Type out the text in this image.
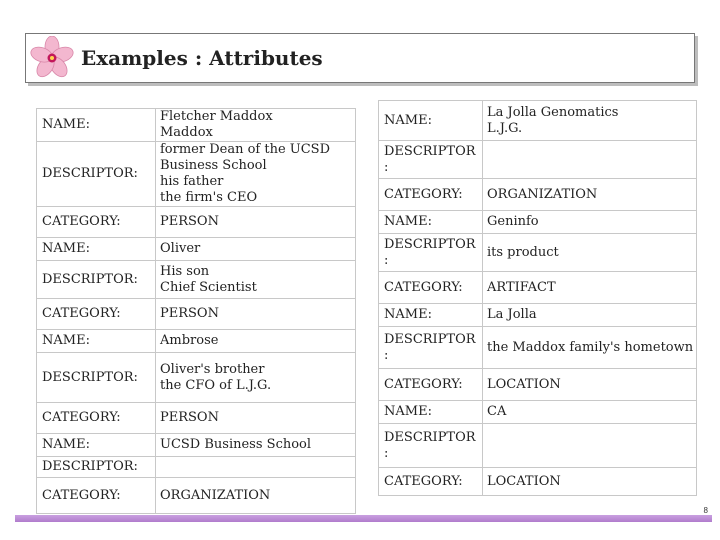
Examples : Attributes
NAME:	Fletcher Maddox
Maddox
DESCRIPTOR:	former Dean of the UCSD
Business School
his father
the firm's CEO
CATEGORY:	PERSON
NAME:	Oliver
DESCRIPTOR:	His son
Chief Scientist
CATEGORY:	PERSON
NAME:	Ambrose
DESCRIPTOR:	Oliver's brother
the CFO of L.J.G.
CATEGORY:	PERSON
NAME:	UCSD Business School
DESCRIPTOR:	
CATEGORY:	ORGANIZATION
NAME:	La Jolla Genomatics
L.J.G.
DESCRIPTOR
:	
CATEGORY:	ORGANIZATION
NAME:	Geninfo
DESCRIPTOR
:	its product
CATEGORY:	ARTIFACT
NAME:	La Jolla
DESCRIPTOR
:	the Maddox family's hometown
CATEGORY:	LOCATION
NAME:	CA
DESCRIPTOR
:	
CATEGORY:	LOCATION
8
